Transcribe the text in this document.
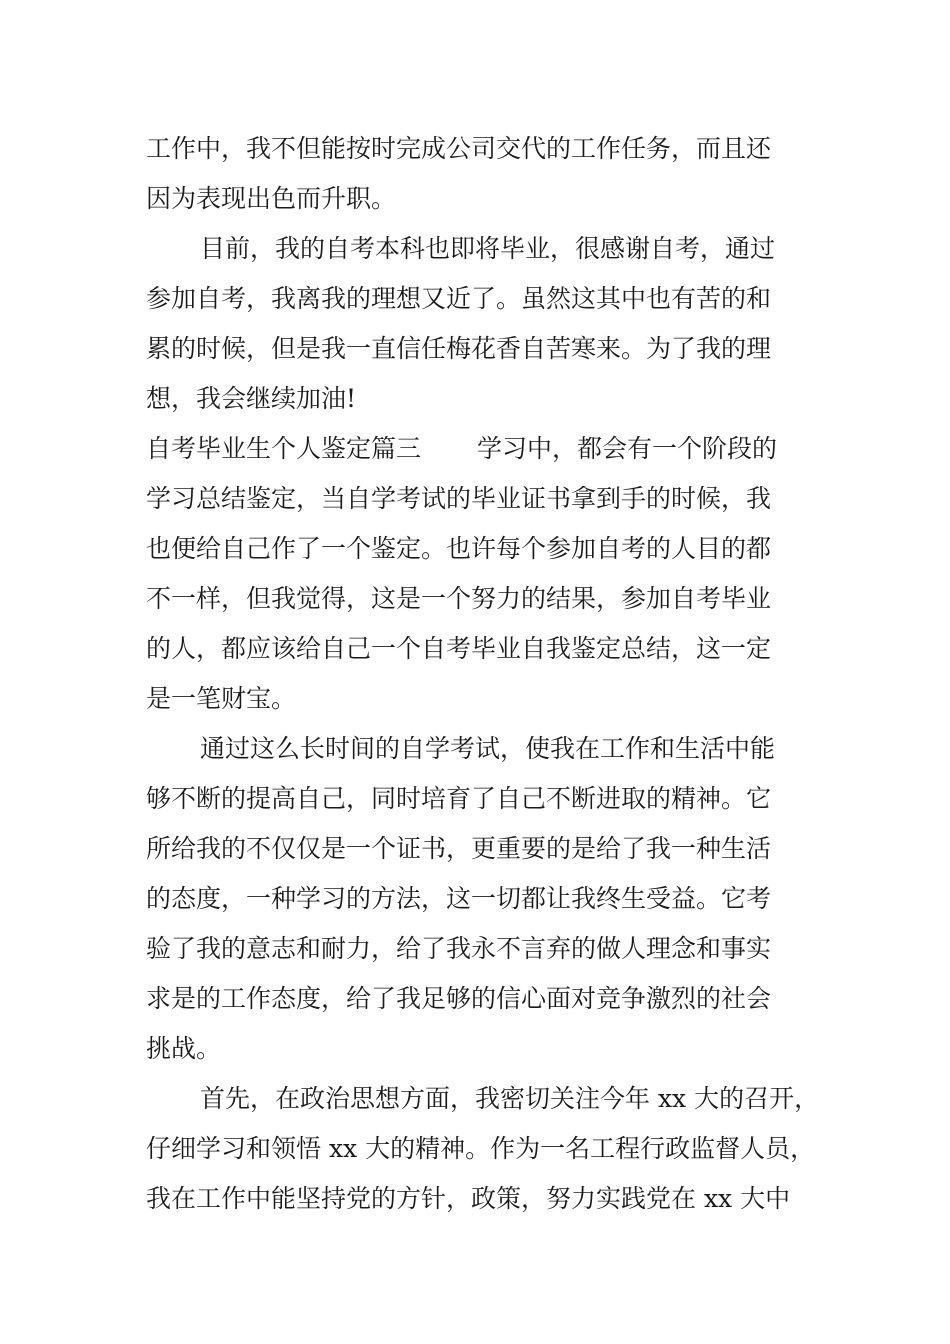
工作中，我不但能按时完成公司交代的工作任务，而且还

因为表现出色而升职。

目前，我的自考本科也即将毕业，很感谢自考，通过

参加自考，我离我的理想又近了。虽然这其中也有苦的和

累的时候，但是我一直信任梅花香自苦寒来。为了我的理

想，我会继续加油!

自考毕业生个人鉴定篇三 学习中，都会有一个阶段的

学习总结鉴定，当自学考试的毕业证书拿到手的时候，我

也便给自己作了一个鉴定。也许每个参加自考的人目的都

不一样，但我觉得，这是一个努力的结果，参加自考毕业

的人，都应该给自己一个自考毕业自我鉴定总结，这一定

是一笔财宝。

通过这么长时间的自学考试，使我在工作和生活中能

够不断的提高自己，同时培育了自己不断进取的精神。它

所给我的不仅仅是一个证书，更重要的是给了我一种生活

的态度，一种学习的方法，这一切都让我终生受益。它考

验了我的意志和耐力，给了我永不言弃的做人理念和事实

求是的工作态度，给了我足够的信心面对竞争激烈的社会

挑战。

首先，在政治思想方面，我密切关注今年 xx 大的召开，

仔细学习和领悟 xx 大的精神。作为一名工程行政监督人员，

我在工作中能坚持党的方针，政策，努力实践党在 xx 大中
